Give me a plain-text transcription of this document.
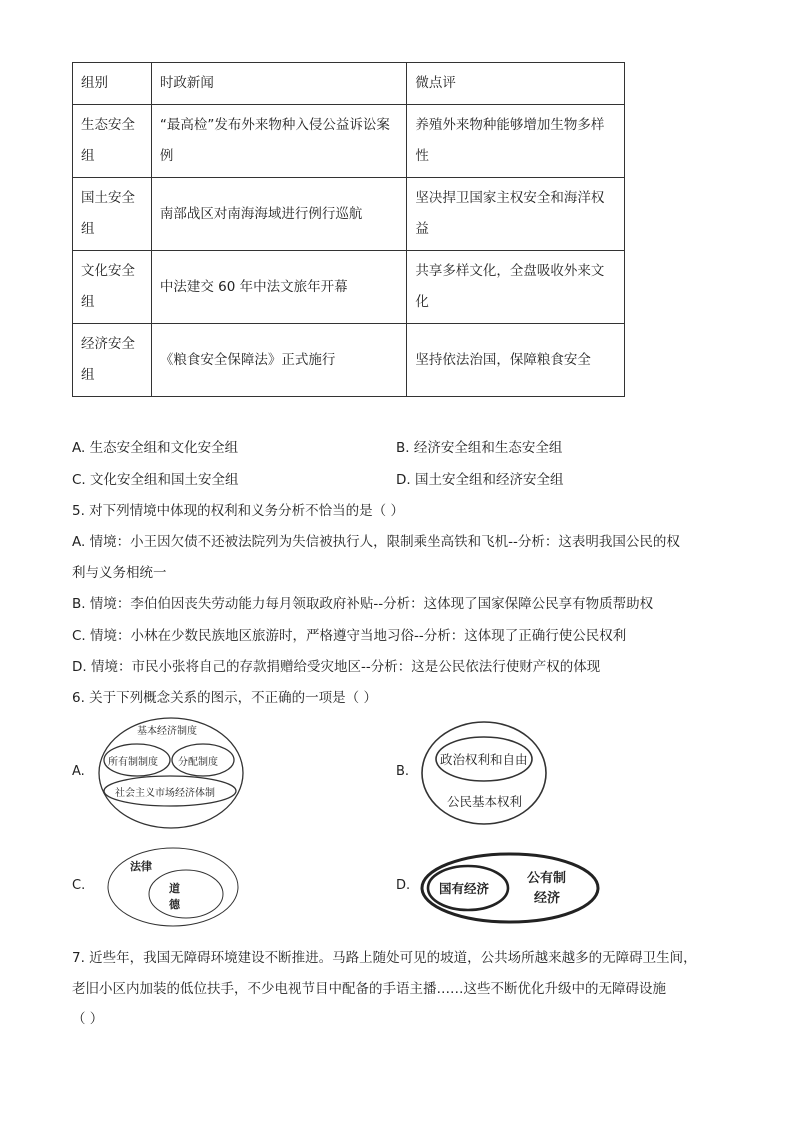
组别	时政新闻	微点评
生态安全组	“最高检”发布外来物种入侵公益诉讼案例	养殖外来物种能够增加生物多样性
国土安全组	南部战区对南海海域进行例行巡航	坚决捍卫国家主权安全和海洋权益
文化安全组	中法建交 60 年中法文旅年开幕	共享多样文化，全盘吸收外来文化
经济安全组	《粮食安全保障法》正式施行	坚持依法治国，保障粮食安全
A. 生态安全组和文化安全组	B. 经济安全组和生态安全组
C. 文化安全组和国土安全组	D. 国土安全组和经济安全组
5. 对下列情境中体现的权利和义务分析不恰当的是（ ）
A. 情境：小王因欠债不还被法院列为失信被执行人，限制乘坐高铁和飞机--分析：这表明我国公民的权
利与义务相统一
B. 情境：李伯伯因丧失劳动能力每月领取政府补贴--分析：这体现了国家保障公民享有物质帮助权
C. 情境：小林在少数民族地区旅游时，严格遵守当地习俗--分析：这体现了正确行使公民权利
D. 情境：市民小张将自己的存款捐赠给受灾地区--分析：这是公民依法行使财产权的体现
6. 关于下列概念关系的图示，不正确的一项是（ ）
A.	B.
C.	D.
基本经济制度
所有制制度 分配制度
社会主义市场经济体制
政治权利和自由
公民基本权利
法律
道
德
国有经济
公有制
经济
7. 近些年，我国无障碍环境建设不断推进。马路上随处可见的坡道，公共场所越来越多的无障碍卫生间，
老旧小区内加装的低位扶手，不少电视节目中配备的手语主播……这些不断优化升级中的无障碍设施
（ ）
